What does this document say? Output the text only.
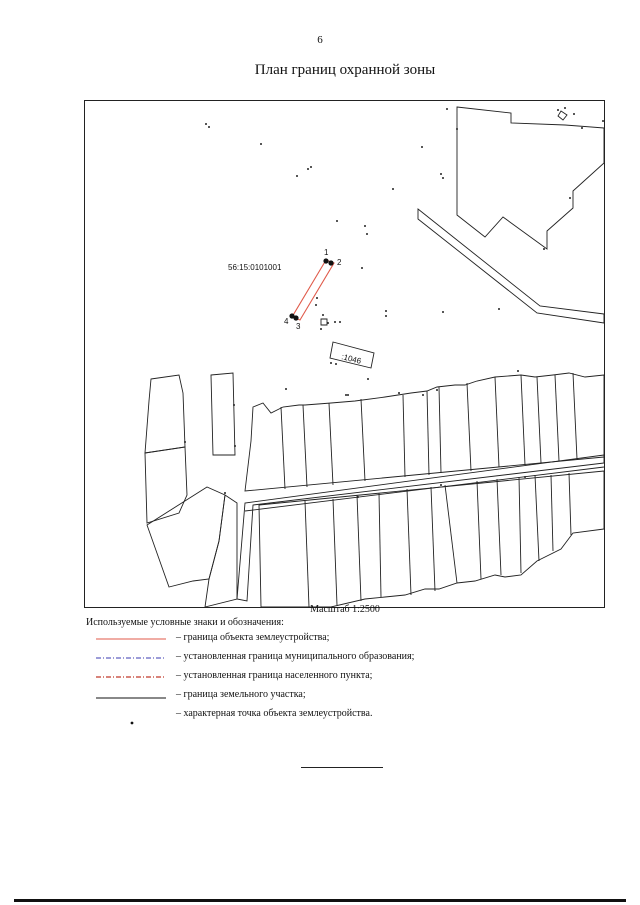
6
План границ охранной зоны
1
2
3
4
56:15:0101001
:1046
Масштаб 1:2500
Используемые условные знаки и обозначения:
– граница объекта землеустройства;
– установленная граница муниципального образования;
– установленная граница населенного пункта;
– граница земельного участка;
– характерная точка объекта землеустройства.
